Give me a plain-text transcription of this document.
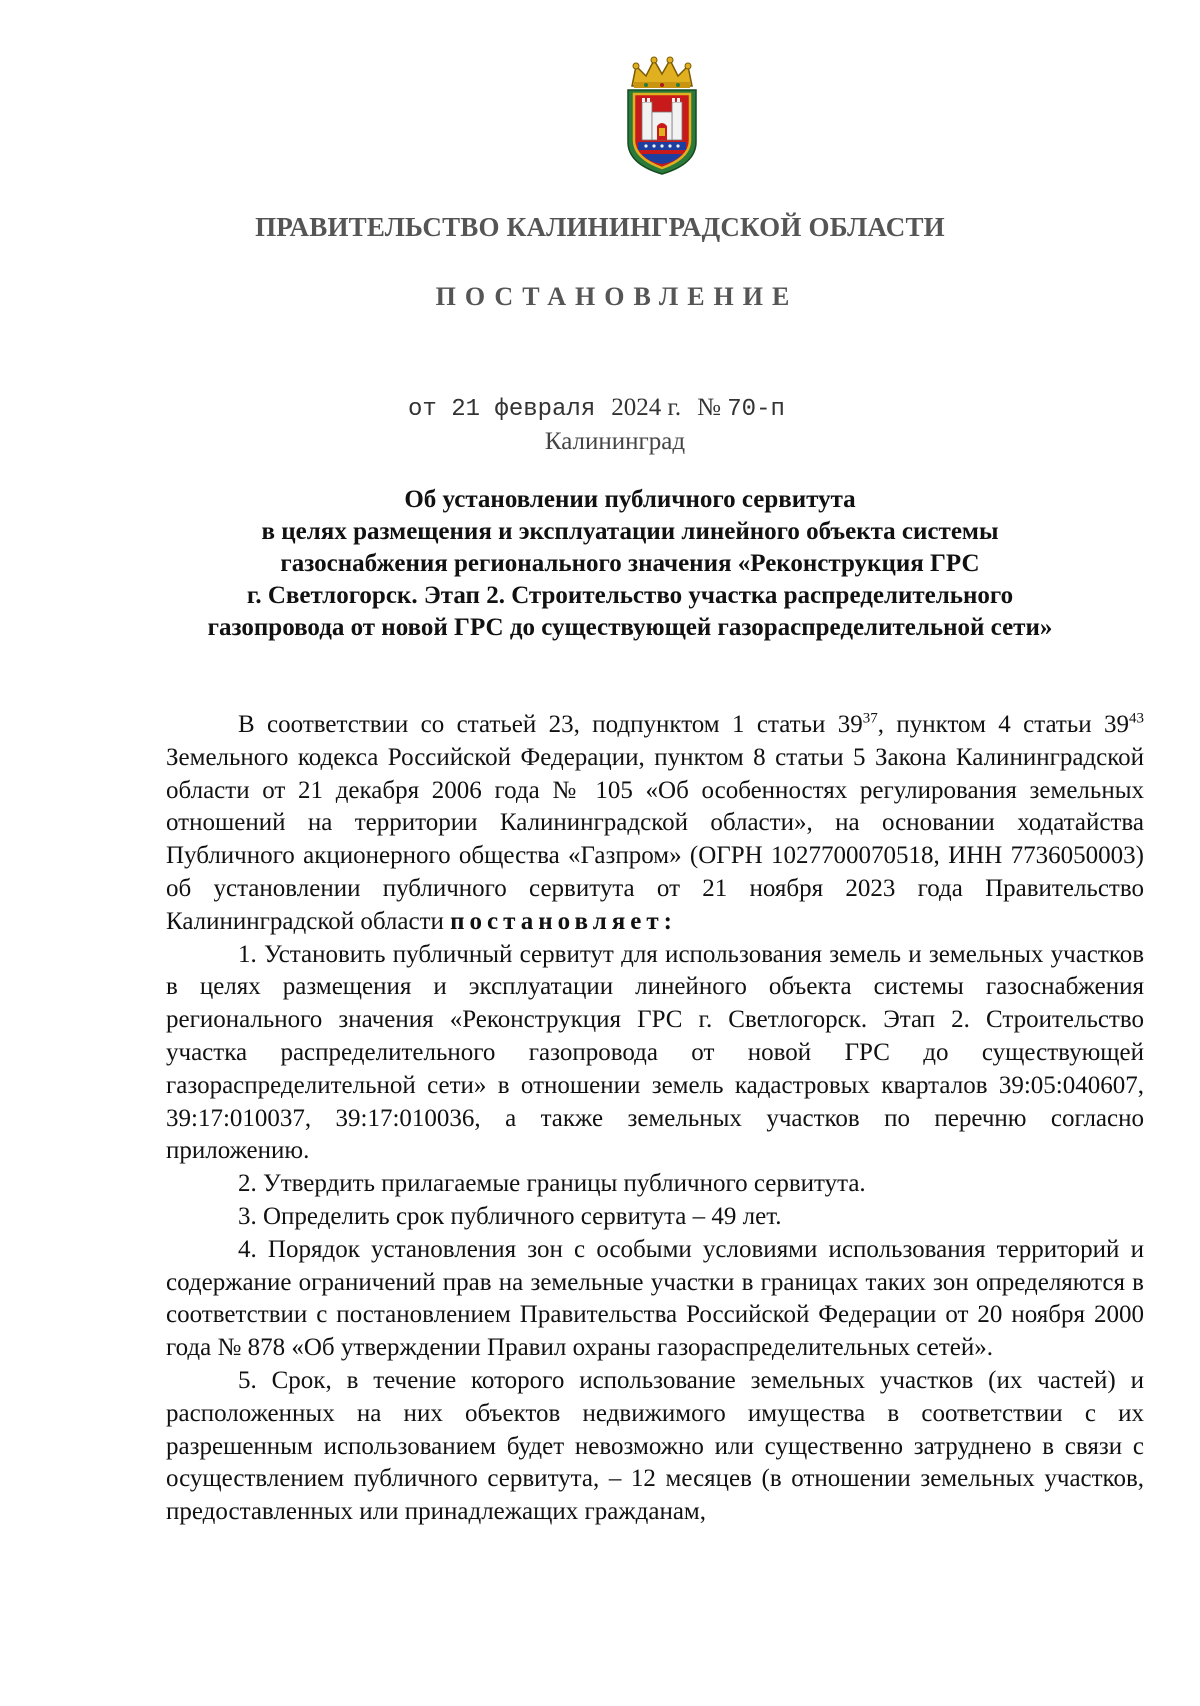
ПРАВИТЕЛЬСТВО КАЛИНИНГРАДСКОЙ ОБЛАСТИ
ПОСТАНОВЛЕНИЕ
от 21 февраля 2024 г. № 70-п
Калининград
Об установлении публичного сервитута
в целях размещения и эксплуатации линейного объекта системы
газоснабжения регионального значения «Реконструкция ГРС
г. Светлогорск. Этап 2. Строительство участка распределительного
газопровода от новой ГРС до существующей газораспределительной сети»

В соответствии со статьей 23, подпунктом 1 статьи $39^{37}$, пунктом 4 статьи $39^{43}$ Земельного кодекса Российской Федерации, пунктом 8 статьи 5 Закона Калининградской области от 21 декабря 2006 года № 105 «Об особенностях регулирования земельных отношений на территории Калининградской области», на основании ходатайства Публичного акционерного общества «Газпром» (ОГРН 1027700070518, ИНН 7736050003) об установлении публичного сервитута от 21 ноября 2023 года Правительство Калининградской области постановляет:

1. Установить публичный сервитут для использования земель и земельных участков в целях размещения и эксплуатации линейного объекта системы газоснабжения регионального значения «Реконструкция ГРС г. Светлогорск. Этап 2. Строительство участка распределительного газопровода от новой ГРС до существующей газораспределительной сети» в отношении земель кадастровых кварталов 39:05:040607, 39:17:010037, 39:17:010036, а также земельных участков по перечню согласно приложению.

2. Утвердить прилагаемые границы публичного сервитута.

3. Определить срок публичного сервитута – 49 лет.

4. Порядок установления зон с особыми условиями использования территорий и содержание ограничений прав на земельные участки в границах таких зон определяются в соответствии с постановлением Правительства Российской Федерации от 20 ноября 2000 года № 878 «Об утверждении Правил охраны газораспределительных сетей».

5. Срок, в течение которого использование земельных участков (их частей) и расположенных на них объектов недвижимого имущества в соответствии с их разрешенным использованием будет невозможно или существенно затруднено в связи с осуществлением публичного сервитута, – 12 месяцев (в отношении земельных участков, предоставленных или принадлежащих гражданам,
